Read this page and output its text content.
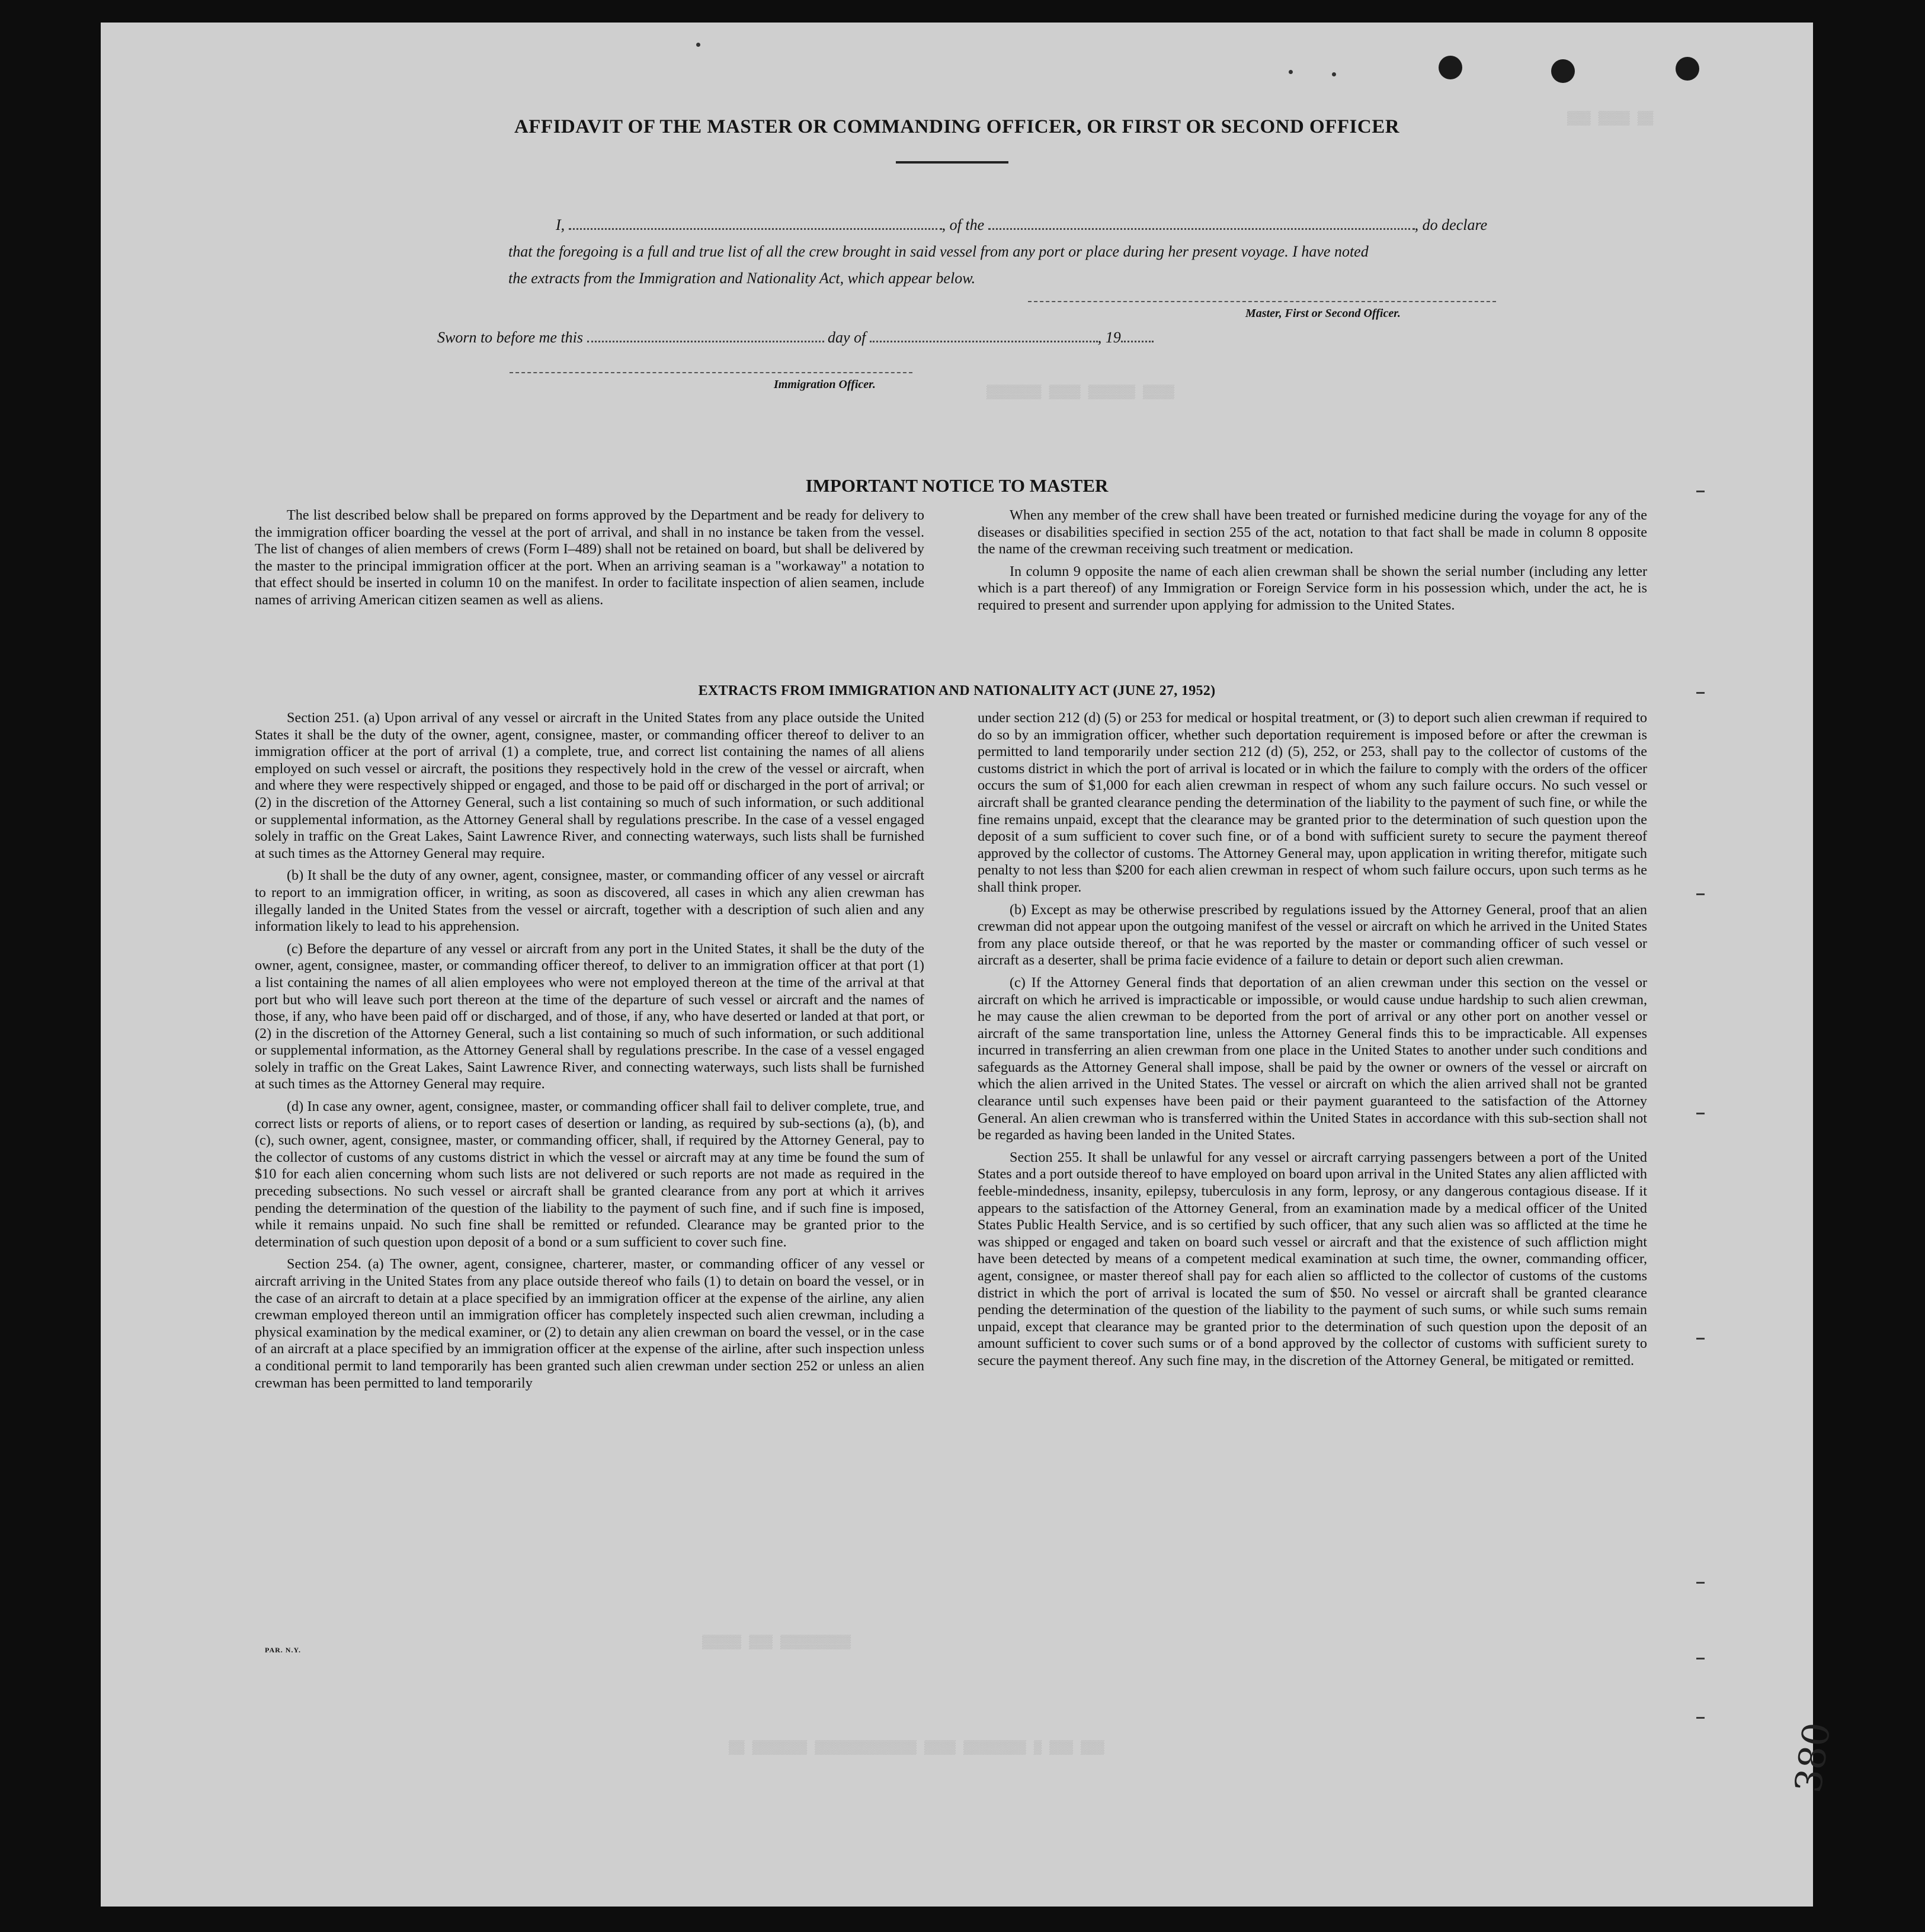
▒▒▒ ▒▒▒▒ ▒▒
▒▒▒▒▒▒▒ ▒▒▒▒ ▒▒▒▒▒▒ ▒▒▒▒
▒▒▒▒▒ ▒▒▒ ▒▒▒▒▒▒▒▒▒
▒▒ ▒▒▒▒▒▒▒ ▒▒▒▒▒▒▒▒▒▒▒▒▒ ▒▒▒▒ ▒▒▒▒▒▒▒▒ ▒ ▒▒▒ ▒▒▒
AFFIDAVIT OF THE MASTER OR COMMANDING OFFICER, OR FIRST OR SECOND OFFICER
I,	, of the	, do declare
that the foregoing is a full and true list of all the crew brought in said vessel from any port or place during her present voyage. I have noted
the extracts from the Immigration and Nationality Act, which appear below.
Master, First or Second Officer.
Sworn to before me this	day of	, 19
Immigration Officer.
IMPORTANT NOTICE TO MASTER

The list described below shall be prepared on forms approved by the Department and be ready for delivery to the immigration officer boarding the vessel at the port of arrival, and shall in no instance be taken from the vessel. The list of changes of alien members of crews (Form I–489) shall not be retained on board, but shall be delivered by the master to the principal immigration officer at the port. When an arriving seaman is a "workaway" a notation to that effect should be inserted in column 10 on the manifest. In order to facilitate inspection of alien seamen, include names of arriving American citizen seamen as well as aliens.

When any member of the crew shall have been treated or furnished medicine during the voyage for any of the diseases or disabilities specified in section 255 of the act, notation to that fact shall be made in column 8 opposite the name of the crewman receiving such treatment or medication.

In column 9 opposite the name of each alien crewman shall be shown the serial number (including any letter which is a part thereof) of any Immigration or Foreign Service form in his possession which, under the act, he is required to present and surrender upon applying for admission to the United States.

EXTRACTS FROM IMMIGRATION AND NATIONALITY ACT (JUNE 27, 1952)

Section 251. (a) Upon arrival of any vessel or aircraft in the United States from any place outside the United States it shall be the duty of the owner, agent, consignee, master, or commanding officer thereof to deliver to an immigration officer at the port of arrival (1) a complete, true, and correct list containing the names of all aliens employed on such vessel or aircraft, the positions they respectively hold in the crew of the vessel or aircraft, when and where they were respectively shipped or engaged, and those to be paid off or discharged in the port of arrival; or (2) in the discretion of the Attorney General, such a list containing so much of such information, or such additional or supplemental information, as the Attorney General shall by regulations prescribe. In the case of a vessel engaged solely in traffic on the Great Lakes, Saint Lawrence River, and connecting waterways, such lists shall be furnished at such times as the Attorney General may require.

(b) It shall be the duty of any owner, agent, consignee, master, or commanding officer of any vessel or aircraft to report to an immigration officer, in writing, as soon as discovered, all cases in which any alien crewman has illegally landed in the United States from the vessel or aircraft, together with a description of such alien and any information likely to lead to his apprehension.

(c) Before the departure of any vessel or aircraft from any port in the United States, it shall be the duty of the owner, agent, consignee, master, or commanding officer thereof, to deliver to an immigration officer at that port (1) a list containing the names of all alien employees who were not employed thereon at the time of the arrival at that port but who will leave such port thereon at the time of the departure of such vessel or aircraft and the names of those, if any, who have been paid off or discharged, and of those, if any, who have deserted or landed at that port, or (2) in the discretion of the Attorney General, such a list containing so much of such information, or such additional or supplemental information, as the Attorney General shall by regulations prescribe. In the case of a vessel engaged solely in traffic on the Great Lakes, Saint Lawrence River, and connecting waterways, such lists shall be furnished at such times as the Attorney General may require.

(d) In case any owner, agent, consignee, master, or commanding officer shall fail to deliver complete, true, and correct lists or reports of aliens, or to report cases of desertion or landing, as required by sub-sections (a), (b), and (c), such owner, agent, consignee, master, or commanding officer, shall, if required by the Attorney General, pay to the collector of customs of any customs district in which the vessel or aircraft may at any time be found the sum of $10 for each alien concerning whom such lists are not delivered or such reports are not made as required in the preceding subsections. No such vessel or aircraft shall be granted clearance from any port at which it arrives pending the determination of the question of the liability to the payment of such fine, and if such fine is imposed, while it remains unpaid. No such fine shall be remitted or refunded. Clearance may be granted prior to the determination of such question upon deposit of a bond or a sum sufficient to cover such fine.

Section 254. (a) The owner, agent, consignee, charterer, master, or commanding officer of any vessel or aircraft arriving in the United States from any place outside thereof who fails (1) to detain on board the vessel, or in the case of an aircraft to detain at a place specified by an immigration officer at the expense of the airline, any alien crewman employed thereon until an immigration officer has completely inspected such alien crewman, including a physical examination by the medical examiner, or (2) to detain any alien crewman on board the vessel, or in the case of an aircraft at a place specified by an immigration officer at the expense of the airline, after such inspection unless a conditional permit to land temporarily has been granted such alien crewman under section 252 or unless an alien crewman has been permitted to land temporarily

under section 212 (d) (5) or 253 for medical or hospital treatment, or (3) to deport such alien crewman if required to do so by an immigration officer, whether such deportation requirement is imposed before or after the crewman is permitted to land temporarily under section 212 (d) (5), 252, or 253, shall pay to the collector of customs of the customs district in which the port of arrival is located or in which the failure to comply with the orders of the officer occurs the sum of $1,000 for each alien crewman in respect of whom any such failure occurs. No such vessel or aircraft shall be granted clearance pending the determination of the liability to the payment of such fine, or while the fine remains unpaid, except that the clearance may be granted prior to the determination of such question upon the deposit of a sum sufficient to cover such fine, or of a bond with sufficient surety to secure the payment thereof approved by the collector of customs. The Attorney General may, upon application in writing therefor, mitigate such penalty to not less than $200 for each alien crewman in respect of whom such failure occurs, upon such terms as he shall think proper.

(b) Except as may be otherwise prescribed by regulations issued by the Attorney General, proof that an alien crewman did not appear upon the outgoing manifest of the vessel or aircraft on which he arrived in the United States from any place outside thereof, or that he was reported by the master or commanding officer of such vessel or aircraft as a deserter, shall be prima facie evidence of a failure to detain or deport such alien crewman.

(c) If the Attorney General finds that deportation of an alien crewman under this section on the vessel or aircraft on which he arrived is impracticable or impossible, or would cause undue hardship to such alien crewman, he may cause the alien crewman to be deported from the port of arrival or any other port on another vessel or aircraft of the same transportation line, unless the Attorney General finds this to be impracticable. All expenses incurred in transferring an alien crewman from one place in the United States to another under such conditions and safeguards as the Attorney General shall impose, shall be paid by the owner or owners of the vessel or aircraft on which the alien arrived in the United States. The vessel or aircraft on which the alien arrived shall not be granted clearance until such expenses have been paid or their payment guaranteed to the satisfaction of the Attorney General. An alien crewman who is transferred within the United States in accordance with this sub-section shall not be regarded as having been landed in the United States.

Section 255. It shall be unlawful for any vessel or aircraft carrying passengers between a port of the United States and a port outside thereof to have employed on board upon arrival in the United States any alien afflicted with feeble-mindedness, insanity, epilepsy, tuberculosis in any form, leprosy, or any dangerous contagious disease. If it appears to the satisfaction of the Attorney General, from an examination made by a medical officer of the United States Public Health Service, and is so certified by such officer, that any such alien was so afflicted at the time he was shipped or engaged and taken on board such vessel or aircraft and that the existence of such affliction might have been detected by means of a competent medical examination at such time, the owner, commanding officer, agent, consignee, or master thereof shall pay for each alien so afflicted to the collector of customs of the customs district in which the port of arrival is located the sum of $50. No vessel or aircraft shall be granted clearance pending the determination of the question of the liability to the payment of such sums, or while such sums remain unpaid, except that clearance may be granted prior to the determination of such question upon the deposit of an amount sufficient to cover such sums or of a bond approved by the collector of customs with sufficient surety to secure the payment thereof. Any such fine may, in the discretion of the Attorney General, be mitigated or remitted.

PAR. N.Y.
380
